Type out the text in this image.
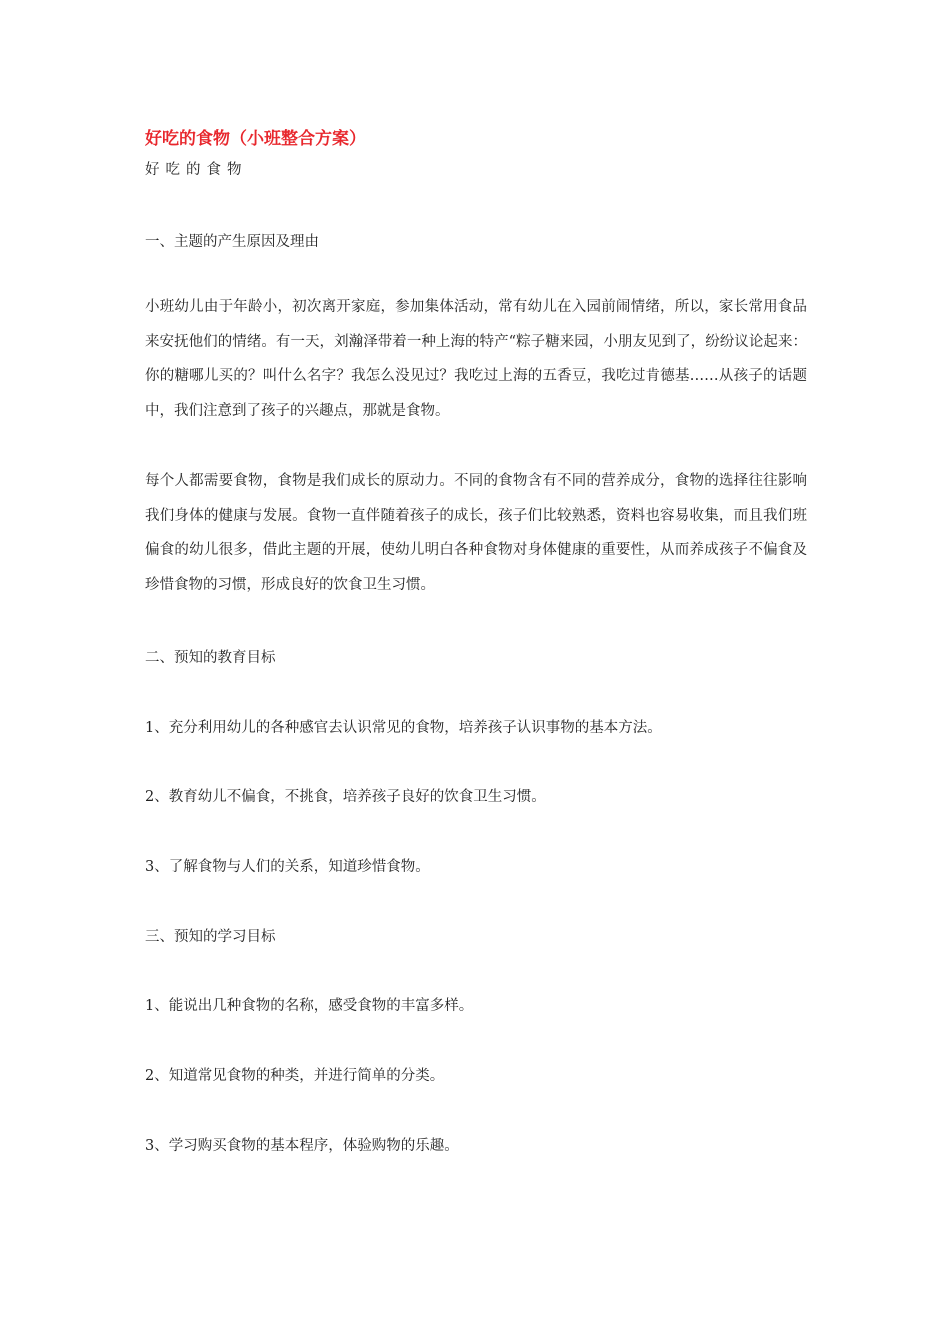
好吃的食物（小班整合方案）
好吃的食物
一、主题的产生原因及理由
小班幼儿由于年龄小，初次离开家庭，参加集体活动，常有幼儿在入园前闹情绪，所以，家长常用食品来安抚他们的情绪。有一天，刘瀚泽带着一种上海的特产“粽子糖来园，小朋友见到了，纷纷议论起来：你的糖哪儿买的？叫什么名字？我怎么没见过？我吃过上海的五香豆，我吃过肯德基……从孩子的话题中，我们注意到了孩子的兴趣点，那就是食物。
每个人都需要食物，食物是我们成长的原动力。不同的食物含有不同的营养成分，食物的选择往往影响我们身体的健康与发展。食物一直伴随着孩子的成长，孩子们比较熟悉，资料也容易收集，而且我们班偏食的幼儿很多，借此主题的开展，使幼儿明白各种食物对身体健康的重要性，从而养成孩子不偏食及珍惜食物的习惯，形成良好的饮食卫生习惯。
二、预知的教育目标
1、充分利用幼儿的各种感官去认识常见的食物，培养孩子认识事物的基本方法。
2、教育幼儿不偏食，不挑食，培养孩子良好的饮食卫生习惯。
3、了解食物与人们的关系，知道珍惜食物。
三、预知的学习目标
1、能说出几种食物的名称，感受食物的丰富多样。
2、知道常见食物的种类，并进行简单的分类。
3、学习购买食物的基本程序，体验购物的乐趣。
